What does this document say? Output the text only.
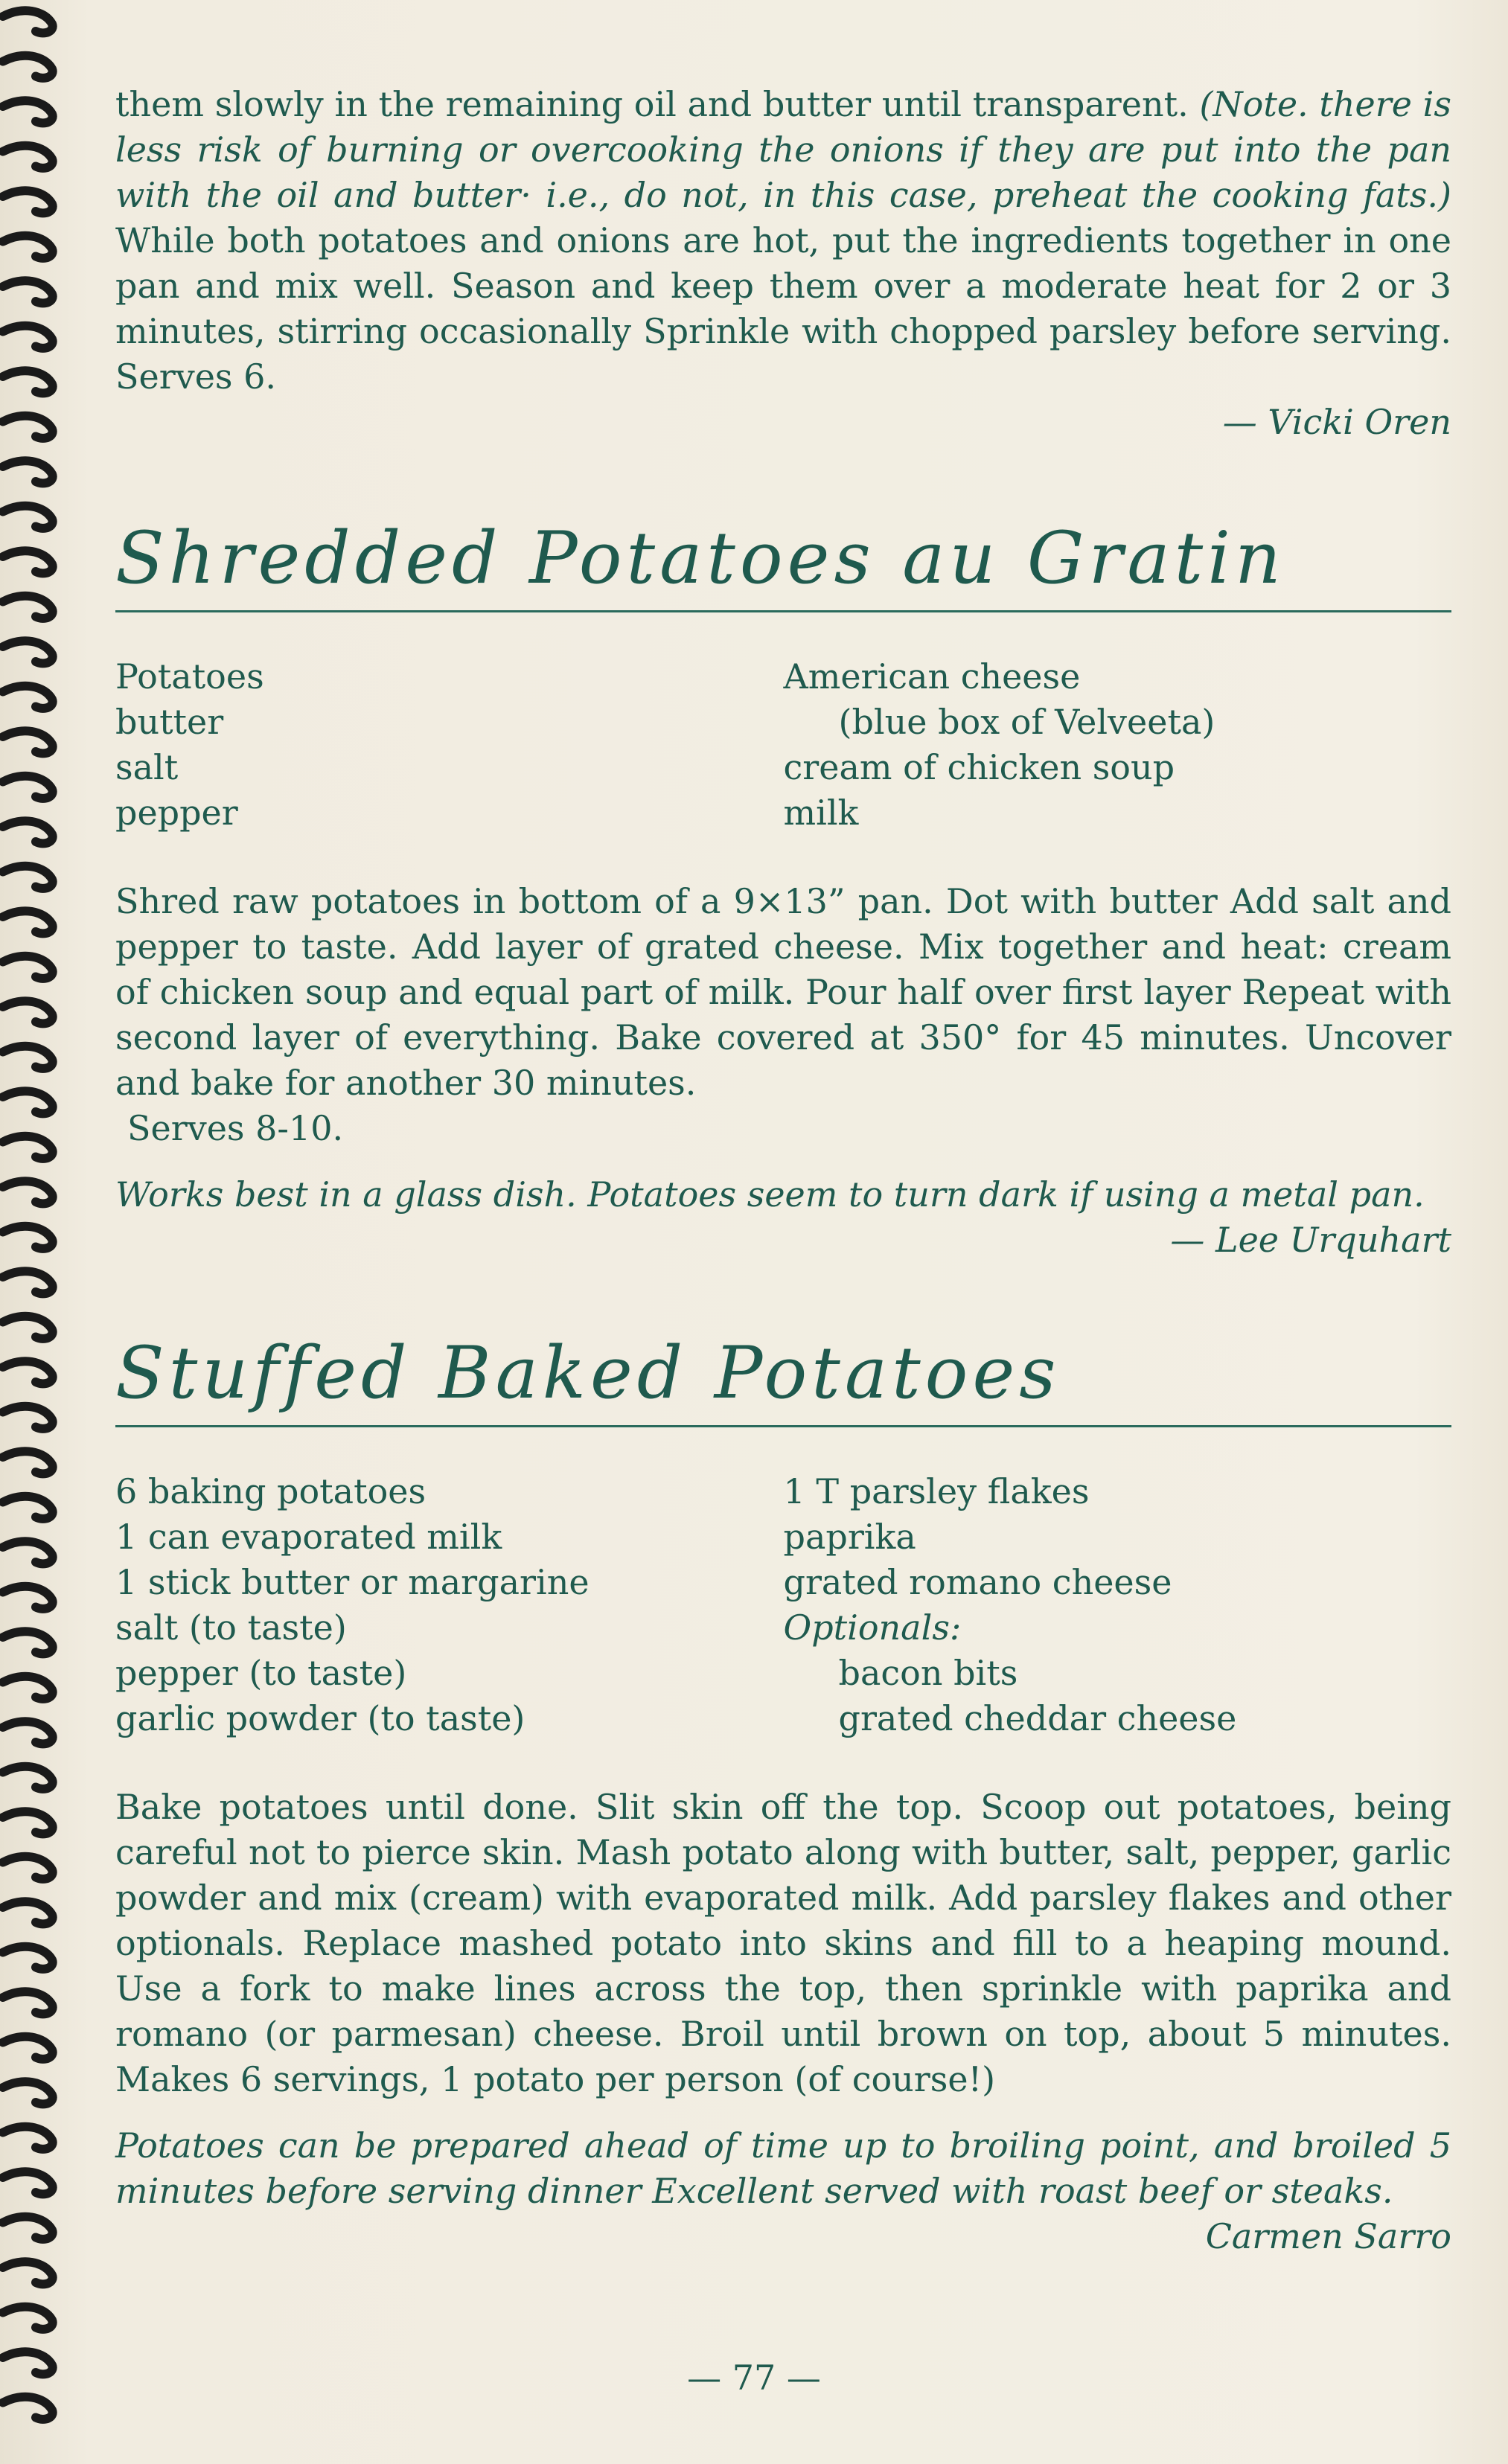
them slowly in the remaining oil and butter until transparent. (Note. there is less risk of burning or overcooking the onions if they are put into the pan with the oil and butter· i.e., do not, in this case, preheat the cooking fats.) While both potatoes and onions are hot, put the ingredients together in one pan and mix well. Season and keep them over a moderate heat for 2 or 3 minutes, stirring occasionally Sprinkle with chopped parsley before serving. Serves 6.

— Vicki Oren

Shredded Potatoes au Gratin
Potatoes
butter
salt
pepper
American cheese
(blue box of Velveeta)
cream of chicken soup
milk

Shred raw potatoes in bottom of a 9×13” pan. Dot with butter Add salt and pepper to taste. Add layer of grated cheese. Mix together and heat: cream of chicken soup and equal part of milk. Pour half over first layer Repeat with second layer of everything. Bake covered at 350° for 45 minutes. Uncover and bake for another 30 minutes.

Serves 8-10.

Works best in a glass dish. Potatoes seem to turn dark if using a metal pan.

— Lee Urquhart

Stuffed Baked Potatoes
6 baking potatoes
1 can evaporated milk
1 stick butter or margarine
salt (to taste)
pepper (to taste)
garlic powder (to taste)
1 T parsley flakes
paprika
grated romano cheese
Optionals:
bacon bits
grated cheddar cheese

Bake potatoes until done. Slit skin off the top. Scoop out potatoes, being careful not to pierce skin. Mash potato along with butter, salt, pepper, garlic powder and mix (cream) with evaporated milk. Add parsley flakes and other optionals. Replace mashed potato into skins and fill to a heaping mound. Use a fork to make lines across the top, then sprinkle with paprika and romano (or parmesan) cheese. Broil until brown on top, about 5 minutes. Makes 6 servings, 1 potato per person (of course!)

Potatoes can be prepared ahead of time up to broiling point, and broiled 5 minutes before serving dinner Excellent served with roast beef or steaks.

Carmen Sarro

— 77 —
